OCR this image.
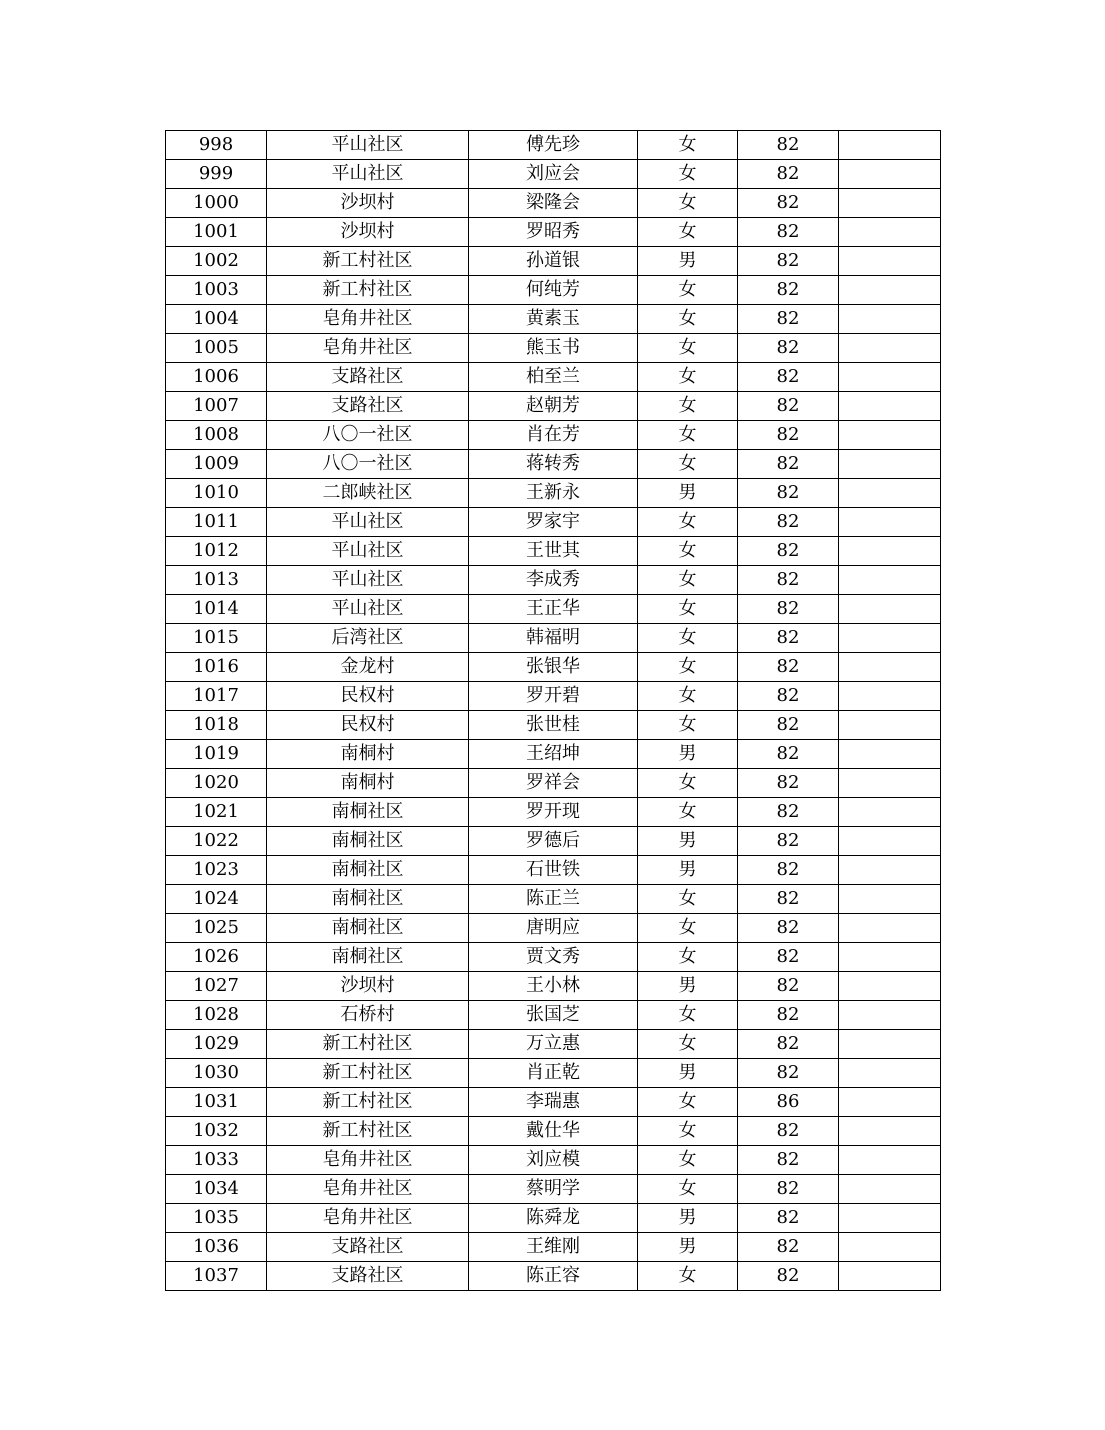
998	平山社区	傅先珍	女	82	
999	平山社区	刘应会	女	82	
1000	沙坝村	梁隆会	女	82	
1001	沙坝村	罗昭秀	女	82	
1002	新工村社区	孙道银	男	82	
1003	新工村社区	何纯芳	女	82	
1004	皂角井社区	黄素玉	女	82	
1005	皂角井社区	熊玉书	女	82	
1006	支路社区	柏至兰	女	82	
1007	支路社区	赵朝芳	女	82	
1008	八〇一社区	肖在芳	女	82	
1009	八〇一社区	蒋转秀	女	82	
1010	二郎峡社区	王新永	男	82	
1011	平山社区	罗家宇	女	82	
1012	平山社区	王世其	女	82	
1013	平山社区	李成秀	女	82	
1014	平山社区	王正华	女	82	
1015	后湾社区	韩福明	女	82	
1016	金龙村	张银华	女	82	
1017	民权村	罗开碧	女	82	
1018	民权村	张世桂	女	82	
1019	南桐村	王绍坤	男	82	
1020	南桐村	罗祥会	女	82	
1021	南桐社区	罗开现	女	82	
1022	南桐社区	罗德后	男	82	
1023	南桐社区	石世铁	男	82	
1024	南桐社区	陈正兰	女	82	
1025	南桐社区	唐明应	女	82	
1026	南桐社区	贾文秀	女	82	
1027	沙坝村	王小林	男	82	
1028	石桥村	张国芝	女	82	
1029	新工村社区	万立惠	女	82	
1030	新工村社区	肖正乾	男	82	
1031	新工村社区	李瑞惠	女	86	
1032	新工村社区	戴仕华	女	82	
1033	皂角井社区	刘应模	女	82	
1034	皂角井社区	蔡明学	女	82	
1035	皂角井社区	陈舜龙	男	82	
1036	支路社区	王维刚	男	82	
1037	支路社区	陈正容	女	82	
